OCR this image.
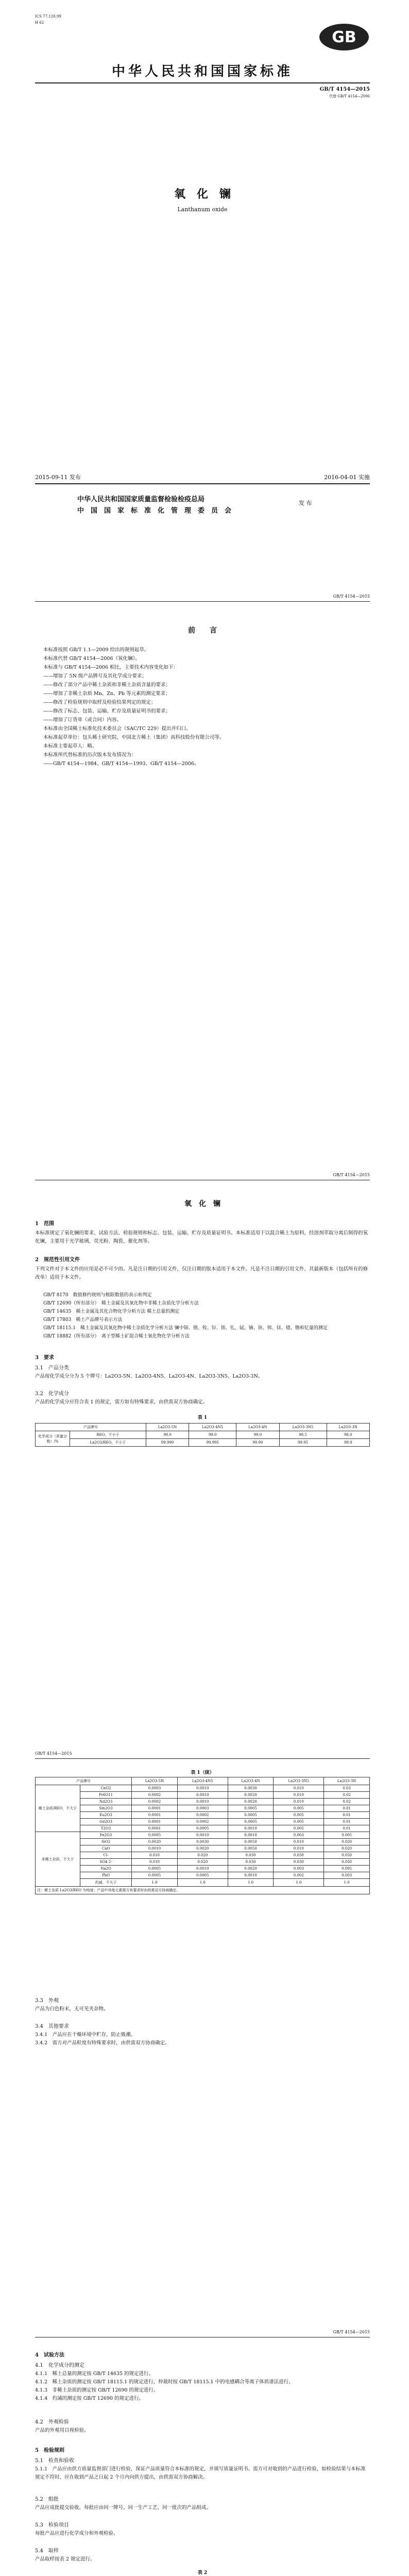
ICS 77.120.99
H 62
GB
中华人民共和国国家标准
GB/T 4154—2015
代替 GB/T 4154—2006
氧　化　镧
Lanthanum oxide
2015-09-11 发布	2016-04-01 实施
中华人民共和国国家质量监督检验检疫总局
中　国　国　家　标　准　化　管　理　委　员　会
发 布
GB/T 4154—2015
前　　言
本标准按照 GB/T 1.1—2009 给出的规则起草。
本标准代替 GB/T 4154—2006《氧化镧》。
本标准与 GB/T 4154—2006 相比，主要技术内容变化如下：
——增加了 5N 级产品牌号及其化学成分要求；
——修改了部分产品中稀土杂质和非稀土杂质含量的要求；
——增加了非稀土杂质 Mn、Zn、Pb 等元素的测定要求；
——修改了检验规则中取样及检验结果判定的规定；
——修改了标志、包装、运输、贮存及质量证明书的要求；
——增加了订货单（或合同）内容。
本标准由全国稀土标准化技术委员会（SAC/TC 229）提出并归口。
本标准起草单位：包头稀土研究院、中国北方稀土（集团）高科技股份有限公司等。
本标准主要起草人：略。
本标准所代替标准的历次版本发布情况为：
——GB/T 4154—1984、GB/T 4154—1993、GB/T 4154—2006。
GB/T 4154—2015
氧　化　镧
1　范围
本标准规定了氧化镧的要求、试验方法、检验规则和标志、包装、运输、贮存及质量证明书。本标准适用于以混合稀土为原料，经溶剂萃取分离后制得的氧化镧，主要用于光学玻璃、荧光粉、陶瓷、催化剂等。
2　规范性引用文件
下列文件对于本文件的应用是必不可少的。凡是注日期的引用文件，仅注日期的版本适用于本文件。凡是不注日期的引用文件，其最新版本（包括所有的修改单）适用于本文件。
GB/T 8170　数值修约规则与极限数值的表示和判定
GB/T 12690（所有部分）　稀土金属及其氧化物中非稀土杂质化学分析方法
GB/T 14635　稀土金属及其化合物化学分析方法 稀土总量的测定
GB/T 17803　稀土产品牌号表示方法
GB/T 18115.1　稀土金属及其氧化物中稀土杂质化学分析方法 镧中铈、镨、钕、钐、铕、钆、铽、镝、钬、铒、铥、镱、镥和钇量的测定
GB/T 18882（所有部分）　离子型稀土矿混合稀土氧化物化学分析方法
3　要求
3.1　产品分类
产品按化学成分分为 5 个牌号：La2O3-5N、La2O3-4N5、La2O3-4N、La2O3-3N5、La2O3-3N。
3.2　化学成分
产品的化学成分应符合表 1 的规定，需方如有特殊要求，由供需双方协商确定。
表 1
产品牌号		La2O3-5N	La2O3-4N5	La2O3-4N	La2O3-3N5	La2O3-3N
化学成分（质量分数）/%	REO，不小于	99.0	99.0	99.0	98.5	98.0
	La2O3/REO，不小于	99.999	99.995	99.99	99.95	99.9
GB/T 4154—2015
表 1（续）
产品牌号		La2O3-5N	La2O3-4N5	La2O3-4N	La2O3-3N5	La2O3-3N
稀土杂质/REO，不大于	CeO2	0.0003	0.0010	0.0030	0.010	0.03
	Pr6O11	0.0002	0.0010	0.0020	0.010	0.02
	Nd2O3	0.0002	0.0010	0.0020	0.010	0.02
	Sm2O3	0.0001	0.0003	0.0005	0.005	0.01
	Eu2O3	0.0001	0.0002	0.0005	0.005	0.01
	Gd2O3	0.0001	0.0002	0.0005	0.005	0.01
	Y2O3	0.0001	0.0005	0.0010	0.005	0.01
非稀土杂质，不大于	Fe2O3	0.0005	0.0010	0.0010	0.003	0.005
	SiO2	0.0020	0.0030	0.0050	0.010	0.020
	CaO	0.0010	0.0020	0.0050	0.010	0.020
	Cl-	0.010	0.020	0.030	0.030	0.050
	SO4 2-	0.010	0.020	0.030	0.030	0.050
	Na2O	0.0005	0.0010	0.0020	0.003	0.005
	PbO	0.0005	0.0005	0.0010	0.002	0.003
	灼减，不大于	1.0	1.0	1.0	1.0	1.0
注：稀土杂质 La2O3/REO 为纯度；产品中其他元素需方有要求时由供需双方协商确定。						
3.3　外观
产品为白色粉末，无可见夹杂物。
3.4　其他要求
3.4.1　产品应在干燥环境中贮存，防止吸潮。
3.4.2　需方对产品粒度有特殊要求时，由供需双方协商确定。
GB/T 4154—2015
4　试验方法
4.1　化学成分的测定
4.1.1　稀土总量的测定按 GB/T 14635 的规定进行。
4.1.2　稀土杂质的测定按 GB/T 18115.1 的规定进行，仲裁时按 GB/T 18115.1 中的电感耦合等离子体质谱法进行。
4.1.3　非稀土杂质的测定按 GB/T 12690 的规定进行。
4.1.4　灼减的测定按 GB/T 12690 的规定进行。
4.2　外观检验
产品的外观用目视检验。
5　检验规则
5.1　检查和验收
5.1.1　产品应由供方质量监督部门进行检验，保证产品质量符合本标准的规定，并填写质量证明书。需方可对收到的产品进行检验，如检验结果与本标准规定不符时，应在收到产品之日起 2 个月内向供方提出，由供需双方协商解决。
5.2　组批
产品应成批提交验收，每批应由同一牌号、同一生产工艺、同一批次的产品组成。
5.3　检验项目
每批产品应进行化学成分和外观检验。
5.4　取样
产品取样按表 2 规定进行。
表 2
